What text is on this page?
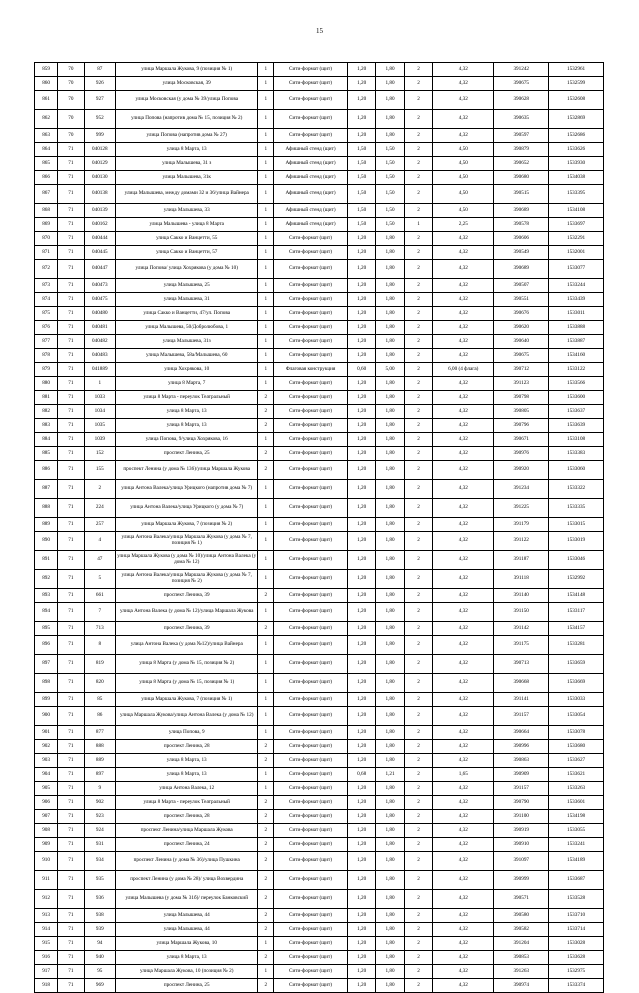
15
859	70	87	улица Маршала Жукова, 9 (позиция № 1)	1	Сити-формат (щит)	1,20	1,80	2	4,32	391242	1532961
860	70	926	улица Московская, 39	1	Сити-формат (щит)	1,20	1,80	2	4,32	390675	1532599
861	70	927	улица Московская (у дома № 39/улица Попова	1	Сити-формат (щит)	1,20	1,80	2	4,32	390628	1532608
862	70	952	улица Попова (напротив дома № 15, позиция № 2)	1	Сити-формат (щит)	1,20	1,80	2	4,32	390635	1532869
863	70	999	улица Попова (напротив дома № 27)	1	Сити-формат (щит)	1,20	1,80	2	4,32	390597	1532686
864	71	040128	улица 8 Марта, 13	1	Афишный стенд (щит)	1,50	1,50	2	4,50	390879	1533626
865	71	040129	улица Малышева, 31 з	1	Афишный стенд (щит)	1,50	1,50	2	4,50	390652	1533930
866	71	040130	улица Малышева, 31к	1	Афишный стенд (щит)	1,50	1,50	2	4,50	390680	1534038
867	71	040138	улица Малышева, между домами 32 и 36/улица Вайнера	1	Афишный стенд (щит)	1,50	1,50	2	4,50	390515	1533395
868	71	040139	улица Малышева, 33	1	Афишный стенд (щит)	1,50	1,50	2	4,50	390689	1534108
869	71	040162	улица Малышева - улица 8 Марта	1	Афишный стенд (щит)	1,50	1,50	1	2,25	390578	1533697
870	71	040444	улица Сакко и Ванцетти, 55	1	Сити-формат (щит)	1,20	1,80	2	4,32	390606	1532291
871	71	040445	улица Сакко и Ванцетти, 57	1	Сити-формат (щит)	1,20	1,80	2	4,32	390549	1532001
872	71	040447	улица Попова/ улица Хохрякова (у дома № 10)	1	Сити-формат (щит)	1,20	1,80	2	4,32	390689	1533077
873	71	040473	улица Малышева, 25	1	Сити-формат (щит)	1,20	1,80	2	4,32	390507	1533244
874	71	040475	улица Малышева, 31	1	Сити-формат (щит)	1,20	1,80	2	4,32	390551	1533439
875	71	040480	улица Сакко и Ванцетти, 47/ул. Попова	1	Сити-формат (щит)	1,20	1,80	2	4,32	390676	1533011
876	71	040481	улица Малышева, 50/Добролюбова, 1	1	Сити-формат (щит)	1,20	1,80	2	4,32	390620	1533888
877	71	040482	улица Малышева, 31з	1	Сити-формат (щит)	1,20	1,80	2	4,32	390640	1533887
878	71	040483	улица Малышева, 58а/Малышева, 60	1	Сити-формат (щит)	1,20	1,80	2	4,32	390675	1534160
879	71	041889	улица Хохрякова, 10	1	Флаговая конструкция	0,60	5,00	2	6,00 (4 флага)	390712	1533122
880	71	1	улица 8 Марта, 7	1	Сити-формат (щит)	1,20	1,80	2	4,32	391123	1533566
881	71	1033	улица 8 Марта - переулок Театральный	2	Сити-формат (щит)	1,20	1,80	2	4,32	390798	1533600
882	71	1034	улица 8 Марта, 13	2	Сити-формат (щит)	1,20	1,80	2	4,32	390805	1533637
883	71	1035	улица 8 Марта, 13	2	Сити-формат (щит)	1,20	1,80	2	4,32	390796	1533639
884	71	1039	улица Попова, 9/улица Хохрякова, 16	1	Сити-формат (щит)	1,20	1,80	2	4,32	390671	1533108
885	71	152	проспект Ленина, 25	2	Сити-формат (щит)	1,20	1,80	2	4,32	390976	1533383
886	71	155	проспект Ленина (у дома № 136)/улица Маршала Жукова	2	Сити-формат (щит)	1,20	1,80	2	4,32	390920	1533060
887	71	2	улица Антона Валека/улица Урицкого (напротив дома № 7)	1	Сити-формат (щит)	1,20	1,80	2	4,32	391234	1533322
888	71	224	улица Антона Валека/улица Урицкого (у дома № 7)	1	Сити-формат (щит)	1,20	1,80	2	4,32	391225	1533335
889	71	257	улица Маршала Жукова, 7 (позиция № 2)	1	Сити-формат (щит)	1,20	1,80	2	4,32	391179	1533015
890	71	4	улица Антона Валека/улица Маршала Жукова (у дома № 7, позиция № 1)	1	Сити-формат (щит)	1,20	1,80	2	4,32	391122	1533019
891	71	47	улица Маршала Жукова (у дома № 10)/улица Антона Валека (у дома № 12)	1	Сити-формат (щит)	1,20	1,80	2	4,32	391187	1533046
892	71	5	улица Антона Валека/улица Маршала Жукова (у дома № 7, позиция № 2)	1	Сити-формат (щит)	1,20	1,80	2	4,32	391118	1532992
893	71	661	проспект Ленина, 39	2	Сити-формат (щит)	1,20	1,80	2	4,32	391140	1534148
894	71	7	улица Антона Валека (у дома № 12)/улица Маршала Жукова	1	Сити-формат (щит)	1,20	1,80	2	4,32	391150	1533117
895	71	713	проспект Ленина, 39	2	Сити-формат (щит)	1,20	1,80	2	4,32	391142	1534157
896	71	8	улица Антона Валека (у дома №12)/улица Вайнера	1	Сити-формат (щит)	1,20	1,80	2	4,32	391175	1533281
897	71	819	улица 8 Марта (у дома № 15, позиция № 2)	1	Сити-формат (щит)	1,20	1,80	2	4,32	390713	1533659
898	71	820	улица 8 Марта (у дома № 15, позиция № 1)	1	Сити-формат (щит)	1,20	1,80	2	4,32	390668	1533669
899	71	85	улица Маршала Жукова, 7 (позиция № 1)	1	Сити-формат (щит)	1,20	1,80	2	4,32	391141	1533033
900	71	86	улица Маршала Жукова/улица Антона Валека (у дома № 12)	1	Сити-формат (щит)	1,20	1,80	2	4,32	391157	1533054
901	71	877	улица Попова, 9	1	Сити-формат (щит)	1,20	1,80	2	4,32	390664	1533078
902	71	888	проспект Ленина, 28	2	Сити-формат (щит)	1,20	1,80	2	4,32	390996	1533680
903	71	889	улица 8 Марта, 13	2	Сити-формат (щит)	1,20	1,80	2	4,32	390863	1533627
904	71	897	улица 8 Марта, 13	1	Сити-формат (щит)	0,68	1,21	2	1,65	390909	1533621
905	71	9	улица Антона Валека, 12	1	Сити-формат (щит)	1,20	1,80	2	4,32	391157	1533263
906	71	902	улица 8 Марта - переулок Театральный	2	Сити-формат (щит)	1,20	1,80	2	4,32	390790	1533601
907	71	923	проспект Ленина, 28	2	Сити-формат (щит)	1,20	1,80	2	4,32	391100	1534198
908	71	924	проспект Ленина/улица Маршала Жукова	2	Сити-формат (щит)	1,20	1,80	2	4,32	390919	1533055
909	71	931	проспект Ленина, 24	2	Сити-формат (щит)	1,20	1,80	2	4,32	390910	1533241
910	71	934	проспект Ленина (у дома № 36)/улица Пушкина	2	Сити-формат (щит)	1,20	1,80	2	4,32	391097	1534189
911	71	935	проспект Ленина (у дома № 28)/ улица Вохвердина	2	Сити-формат (щит)	1,20	1,80	2	4,32	390999	1533687
912	71	936	улица Малышева (у дома № 31б)/ переулок Банковский	2	Сити-формат (щит)	1,20	1,80	2	4,32	390571	1533528
913	71	938	улица Малышева, 44	2	Сити-формат (щит)	1,20	1,80	2	4,32	390580	1533710
914	71	939	улица Малышева, 44	2	Сити-формат (щит)	1,20	1,80	2	4,32	390582	1533714
915	71	94	улица Маршала Жукова, 10	1	Сити-формат (щит)	1,20	1,80	2	4,32	391204	1533028
916	71	940	улица 8 Марта, 13	2	Сити-формат (щит)	1,20	1,80	2	4,32	390853	1533628
917	71	95	улица Маршала Жукова, 10 (позиция № 2)	1	Сити-формат (щит)	1,20	1,80	2	4,32	391263	1532975
918	71	969	проспект Ленина, 25	2	Сити-формат (щит)	1,20	1,80	2	4,32	390974	1533374
